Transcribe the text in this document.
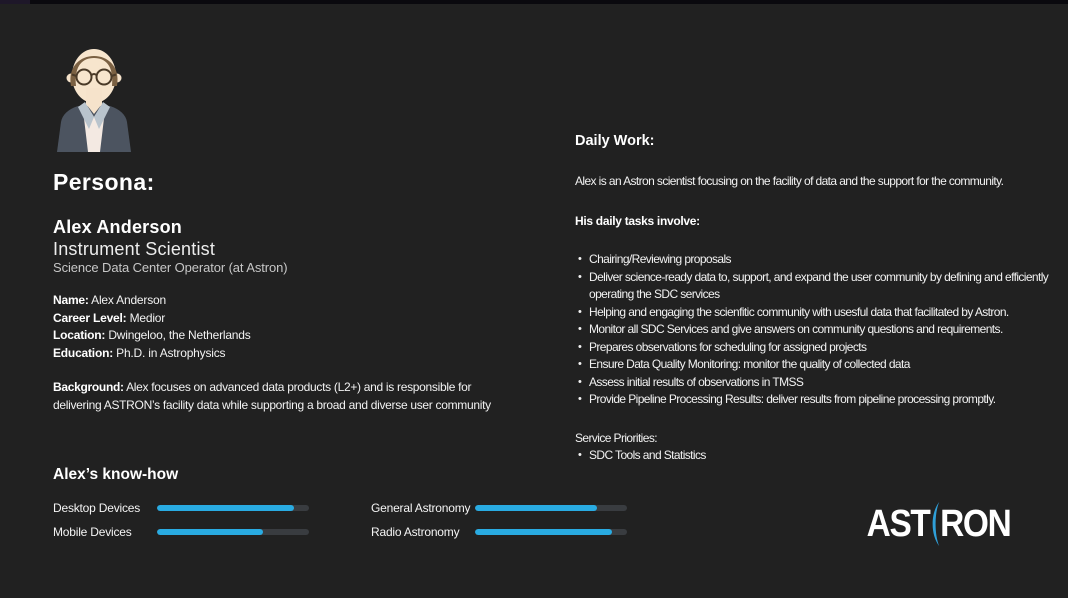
Persona:
Alex Anderson
Instrument Scientist
Science Data Center Operator (at Astron)
Name: Alex Anderson
Career Level: Medior
Location: Dwingeloo, the Netherlands
Education: Ph.D. in Astrophysics

Background: Alex focuses on advanced data products (L2+) and is responsible for delivering ASTRON’s facility data while supporting a broad and diverse user community

Daily Work:

Alex is an Astron scientist focusing on the facility of data and the support for the community.

His daily tasks involve:

• Chairing/Reviewing proposals
• Deliver science-ready data to, support, and expand the user community by defining and efficiently operating the SDC services
• Helping and engaging the scienfitic community with usesful data that facilitated by Astron.
• Monitor all SDC Services and give answers on community questions and requirements.
• Prepares observations for scheduling for assigned projects
• Ensure Data Quality Monitoring: monitor the quality of collected data
• Assess initial results of observations in TMSS
• Provide Pipeline Processing Results: deliver results from pipeline processing promptly.

Service Priorities:

• SDC Tools and Statistics
Alex’s know-how
Desktop Devices	General Astronomy
Mobile Devices	Radio Astronomy	AST RON
